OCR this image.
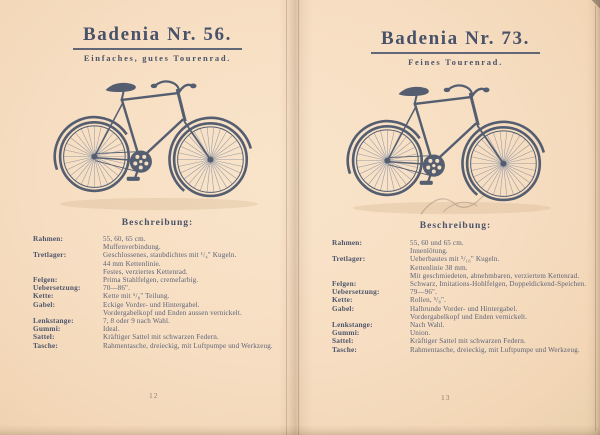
Badenia Nr. 56.
Einfaches, gutes Tourenrad.
Beschreibung:
Rahmen:	55, 60, 65 cm.
Muffenverbindung.
Tretlager:	Geschlossenes, staubdichtes mit ¹/₄" Kugeln.
44 mm Kettenlinie.
Festes, verziertes Kettenrad.
Felgen:	Prima Stahlfelgen, cremefarbig.
Uebersetzung:	70—86".
Kette:	Kette mit ⁵/₈" Teilung.
Gabel:	Eckige Vorder- und Hintergabel.
Vordergabelkopf und Enden aussen vernickelt.
Lenkstange:	7, 8 oder 9 nach Wahl.
Gummi:	Ideal.
Sattel:	Kräftiger Sattel mit schwarzen Federn.
Tasche:	Rahmentasche, dreieckig, mit Luftpumpe und Werkzeug.
12
Badenia Nr. 73.
Feines Tourenrad.
Beschreibung:
Rahmen:	55, 60 und 65 cm.
Innenlötung.
Tretlager:	Ueberbautes mit ⁵/₁₆" Kugeln.
Kettenlinie 38 mm.
Mit geschmiedeten, abnehmbaren, verziertem Kettenrad.
Felgen:	Schwarz, Imitations-Hohlfelgen, Doppeldickend-Speichen.
Uebersetzung:	79—96".
Kette:	Rollen, ⁵/₈".
Gabel:	Halbrunde Vorder- und Hintergabel.
Vordergabelkopf und Enden vernickelt.
Lenkstange:	Nach Wahl.
Gummi:	Union.
Sattel:	Kräftiger Sattel mit schwarzen Federn.
Tasche:	Rahmentasche, dreieckig, mit Luftpumpe und Werkzeug.
13
